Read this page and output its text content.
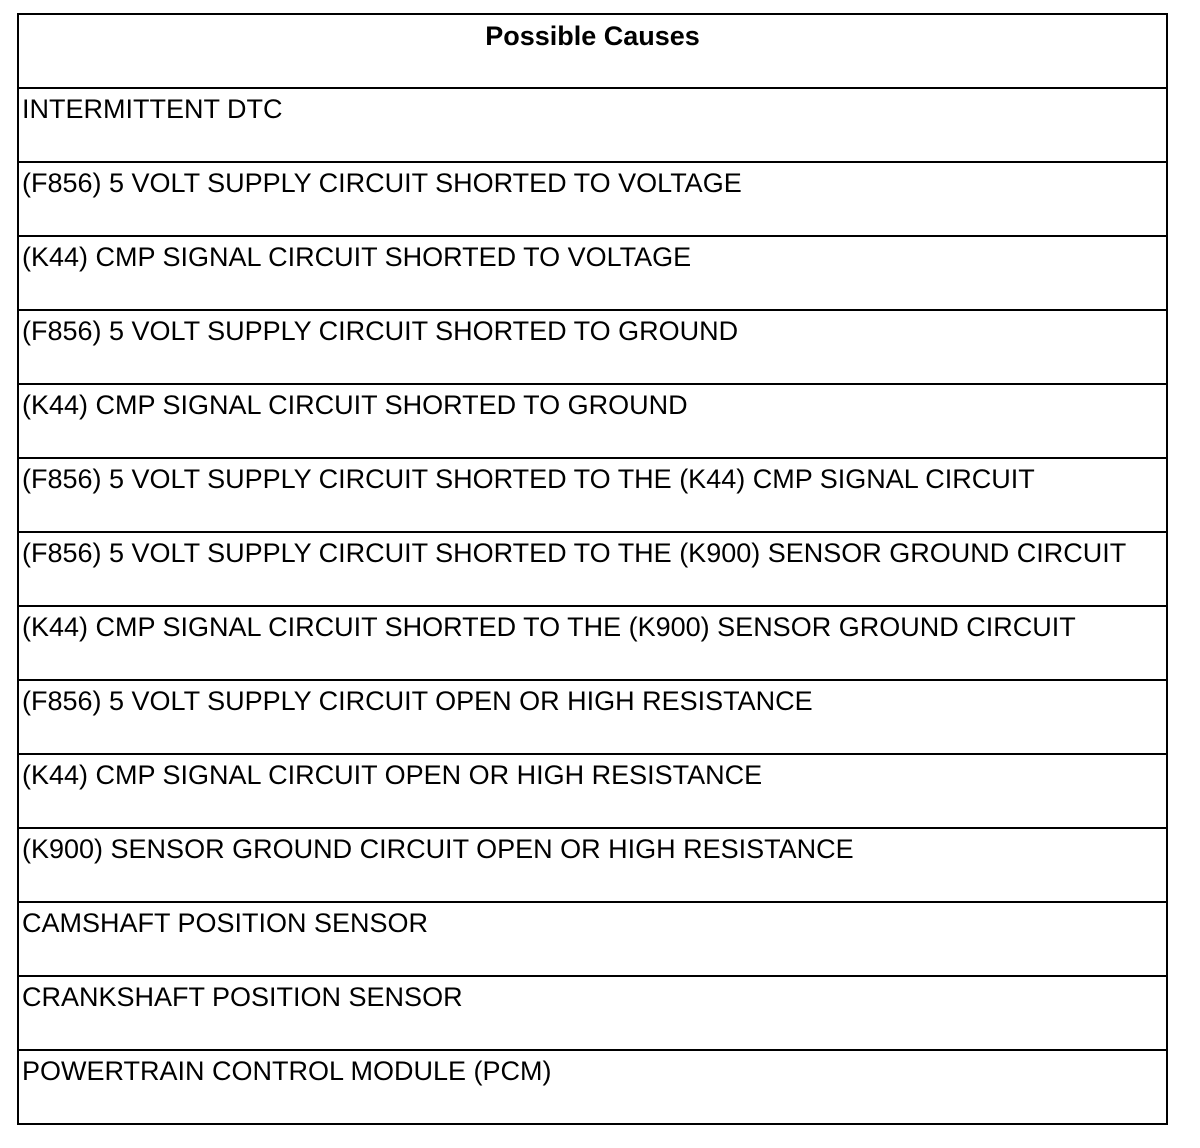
Possible Causes
INTERMITTENT DTC
(F856) 5 VOLT SUPPLY CIRCUIT SHORTED TO VOLTAGE
(K44) CMP SIGNAL CIRCUIT SHORTED TO VOLTAGE
(F856) 5 VOLT SUPPLY CIRCUIT SHORTED TO GROUND
(K44) CMP SIGNAL CIRCUIT SHORTED TO GROUND
(F856) 5 VOLT SUPPLY CIRCUIT SHORTED TO THE (K44) CMP SIGNAL CIRCUIT
(F856) 5 VOLT SUPPLY CIRCUIT SHORTED TO THE (K900) SENSOR GROUND CIRCUIT
(K44) CMP SIGNAL CIRCUIT SHORTED TO THE (K900) SENSOR GROUND CIRCUIT
(F856) 5 VOLT SUPPLY CIRCUIT OPEN OR HIGH RESISTANCE
(K44) CMP SIGNAL CIRCUIT OPEN OR HIGH RESISTANCE
(K900) SENSOR GROUND CIRCUIT OPEN OR HIGH RESISTANCE
CAMSHAFT POSITION SENSOR
CRANKSHAFT POSITION SENSOR
POWERTRAIN CONTROL MODULE (PCM)
